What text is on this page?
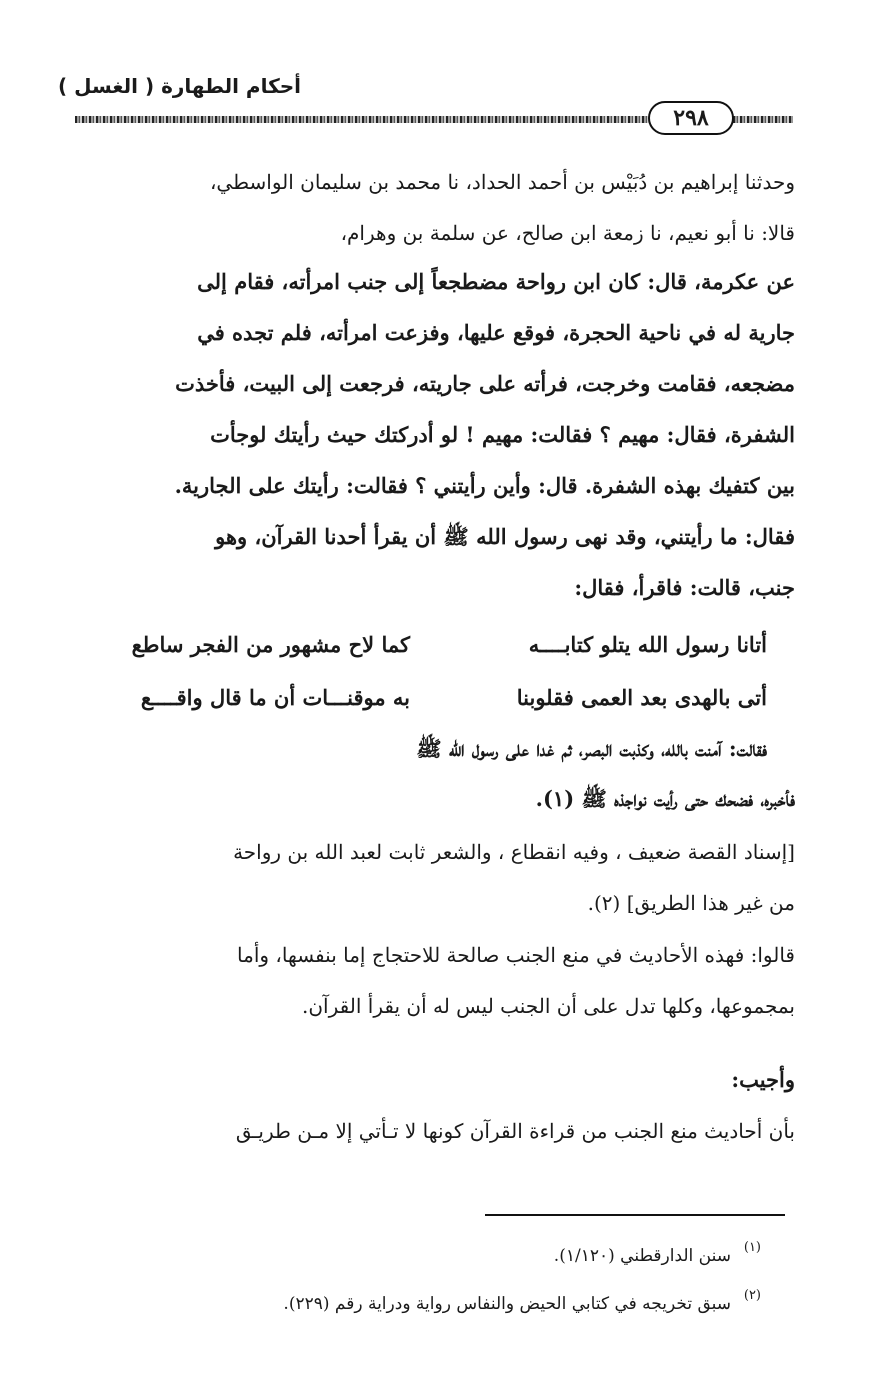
أحكام الطهارة ( الغسل )
٢٩٨
وحدثنا إبراهيم بن دُبَيْس بن أحمد الحداد، نا محمد بن سليمان الواسطي،
قالا: نا أبو نعيم، نا زمعة ابن صالح، عن سلمة بن وهرام،
عن عكرمة، قال: كان ابن رواحة مضطجعاً إلى جنب امرأته، فقام إلى
جارية له في ناحية الحجرة، فوقع عليها، وفزعت امرأته، فلم تجده في
مضجعه، فقامت وخرجت، فرأته على جاريته، فرجعت إلى البيت، فأخذت
الشفرة، فقال: مهيم ؟ فقالت: مهيم ! لو أدركتك حيث رأيتك لوجأت
بين كتفيك بهذه الشفرة. قال: وأين رأيتني ؟ فقالت: رأيتك على الجارية.
فقال: ما رأيتني، وقد نهى رسول الله ﷺ أن يقرأ أحدنا القرآن، وهو
جنب، قالت: فاقرأ، فقال:
أتانا رسول الله يتلو كتابــــه
كما لاح مشهور من الفجر ساطع
أتى بالهدى بعد العمى فقلوبنا
به موقنـــات أن ما قال واقــــع
فقالت: آمنت بالله، وكذبت البصر، ثم غدا على رسول الله ﷺ
فأخبره، فضحك حتى رأيت نواجذه ﷺ (١).
[إسناد القصة ضعيف ، وفيه انقطاع ، والشعر ثابت لعبد الله بن رواحة
من غير هذا الطريق] (٢).
قالوا: فهذه الأحاديث في منع الجنب صالحة للاحتجاج إما بنفسها، وأما
بمجموعها، وكلها تدل على أن الجنب ليس له أن يقرأ القرآن.
وأجيب:
بأن أحاديث منع الجنب من قراءة القرآن كونها لا تـأتي إلا مـن طريـق
(١)
سنن الدارقطني (١/١٢٠).
(٢)
سبق تخريجه في كتابي الحيض والنفاس رواية ودراية رقم (٢٢٩).
